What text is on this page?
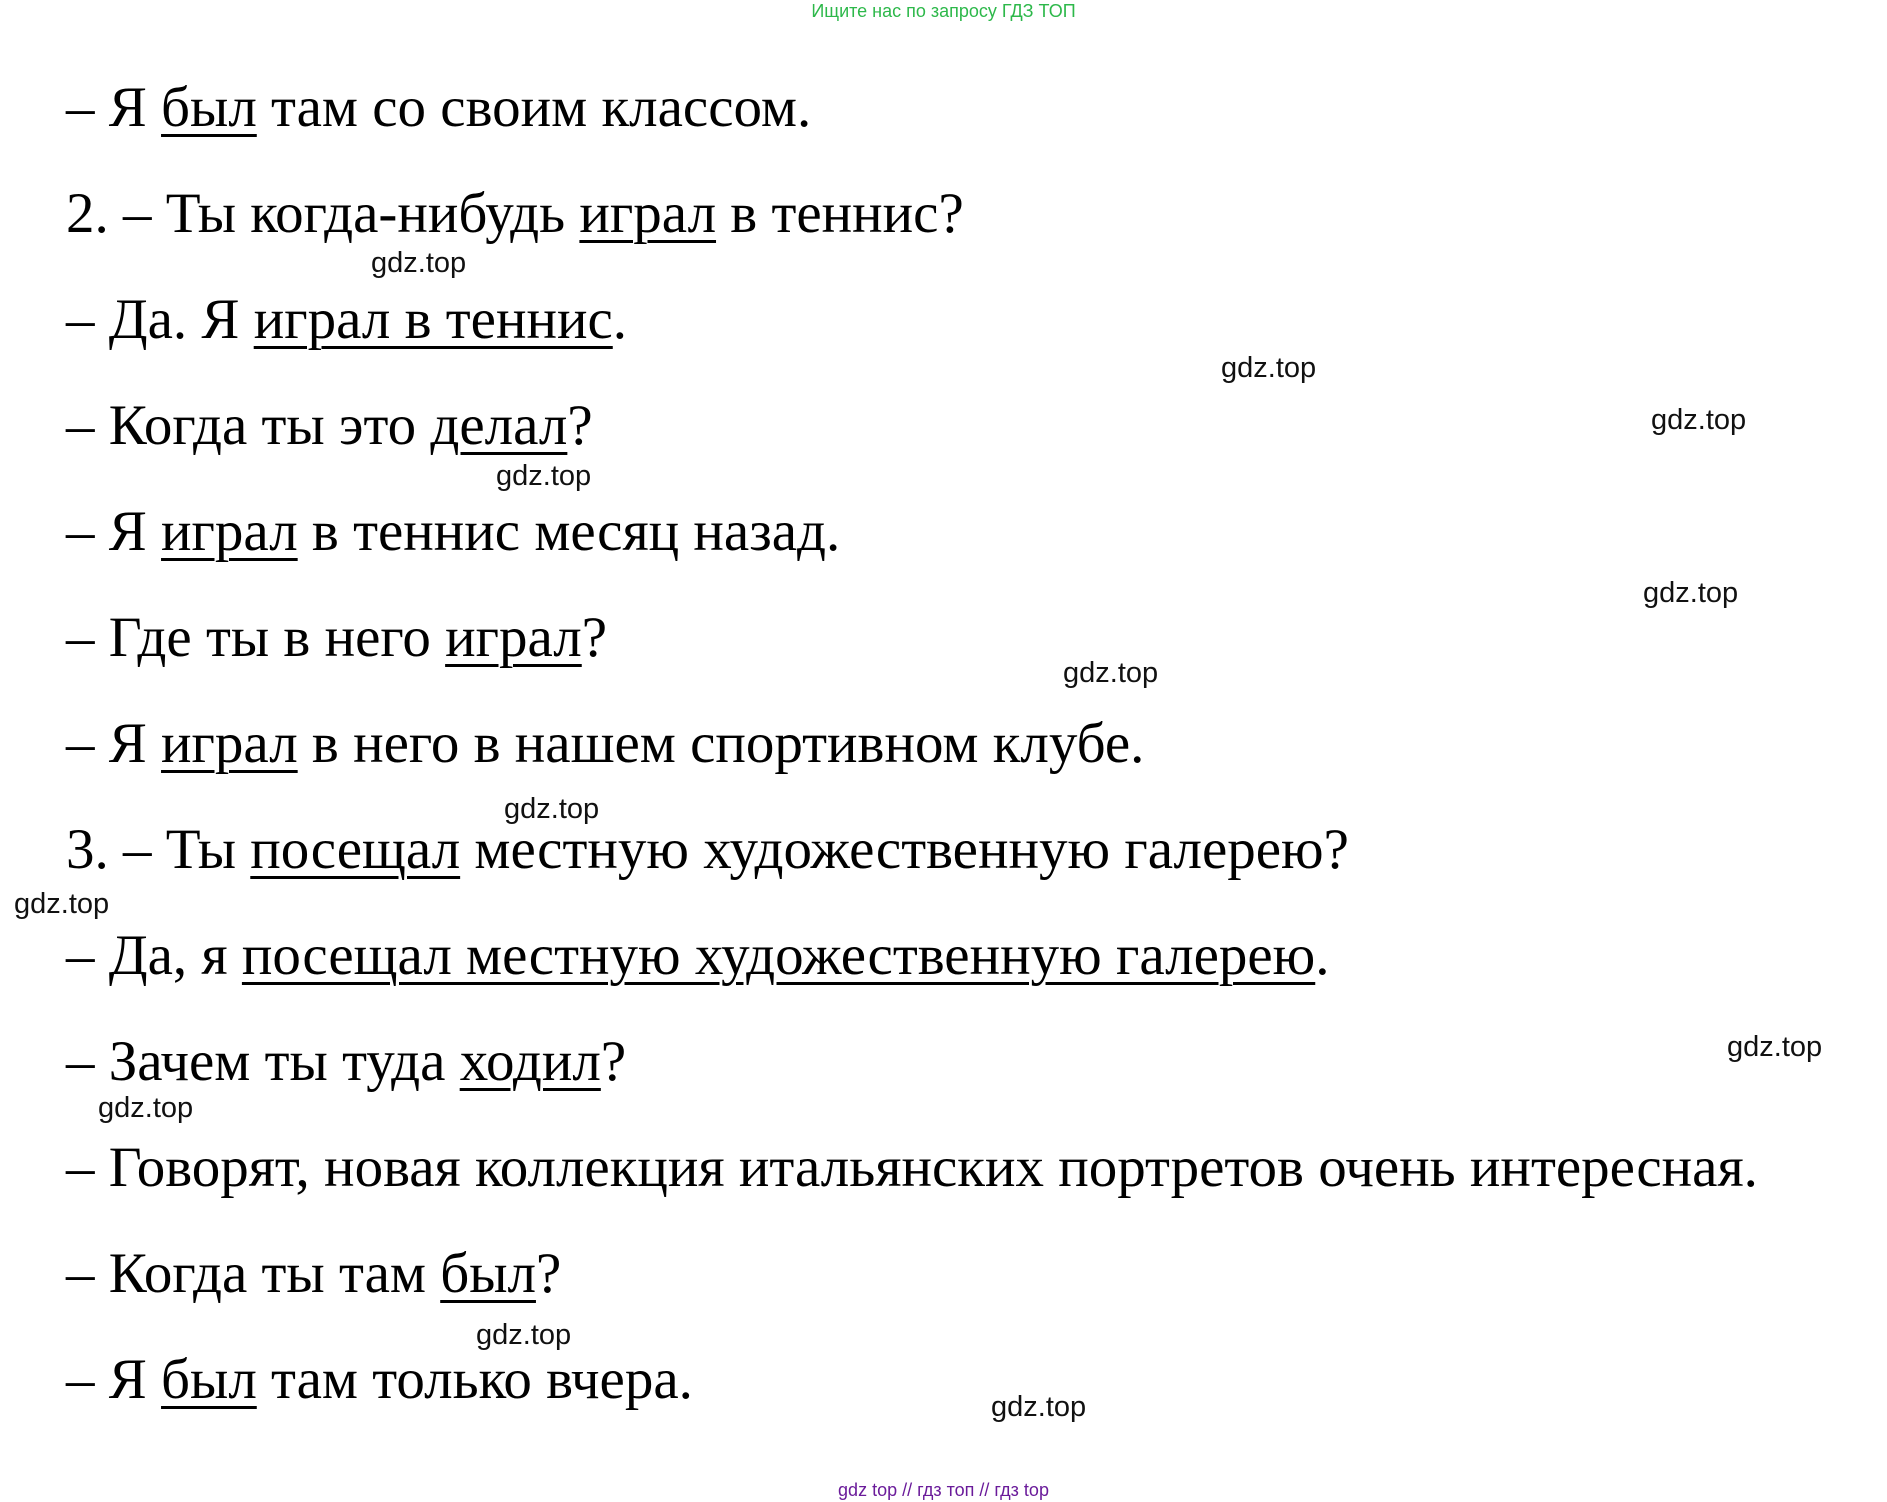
Ищите нас по запросу ГДЗ ТОП
– Я был там со своим классом.
2. – Ты когда-нибудь играл в теннис?
– Да. Я играл в теннис.
– Когда ты это делал?
– Я играл в теннис месяц назад.
– Где ты в него играл?
– Я играл в него в нашем спортивном клубе.
3. – Ты посещал местную художественную галерею?
– Да, я посещал местную художественную галерею.
– Зачем ты туда ходил?
– Говорят, новая коллекция итальянских портретов очень интересная.
– Когда ты там был?
– Я был там только вчера.
gdz.top
gdz.top
gdz.top
gdz.top
gdz.top
gdz.top
gdz.top
gdz.top
gdz.top
gdz.top
gdz.top
gdz.top
gdz top // гдз топ // гдз top
